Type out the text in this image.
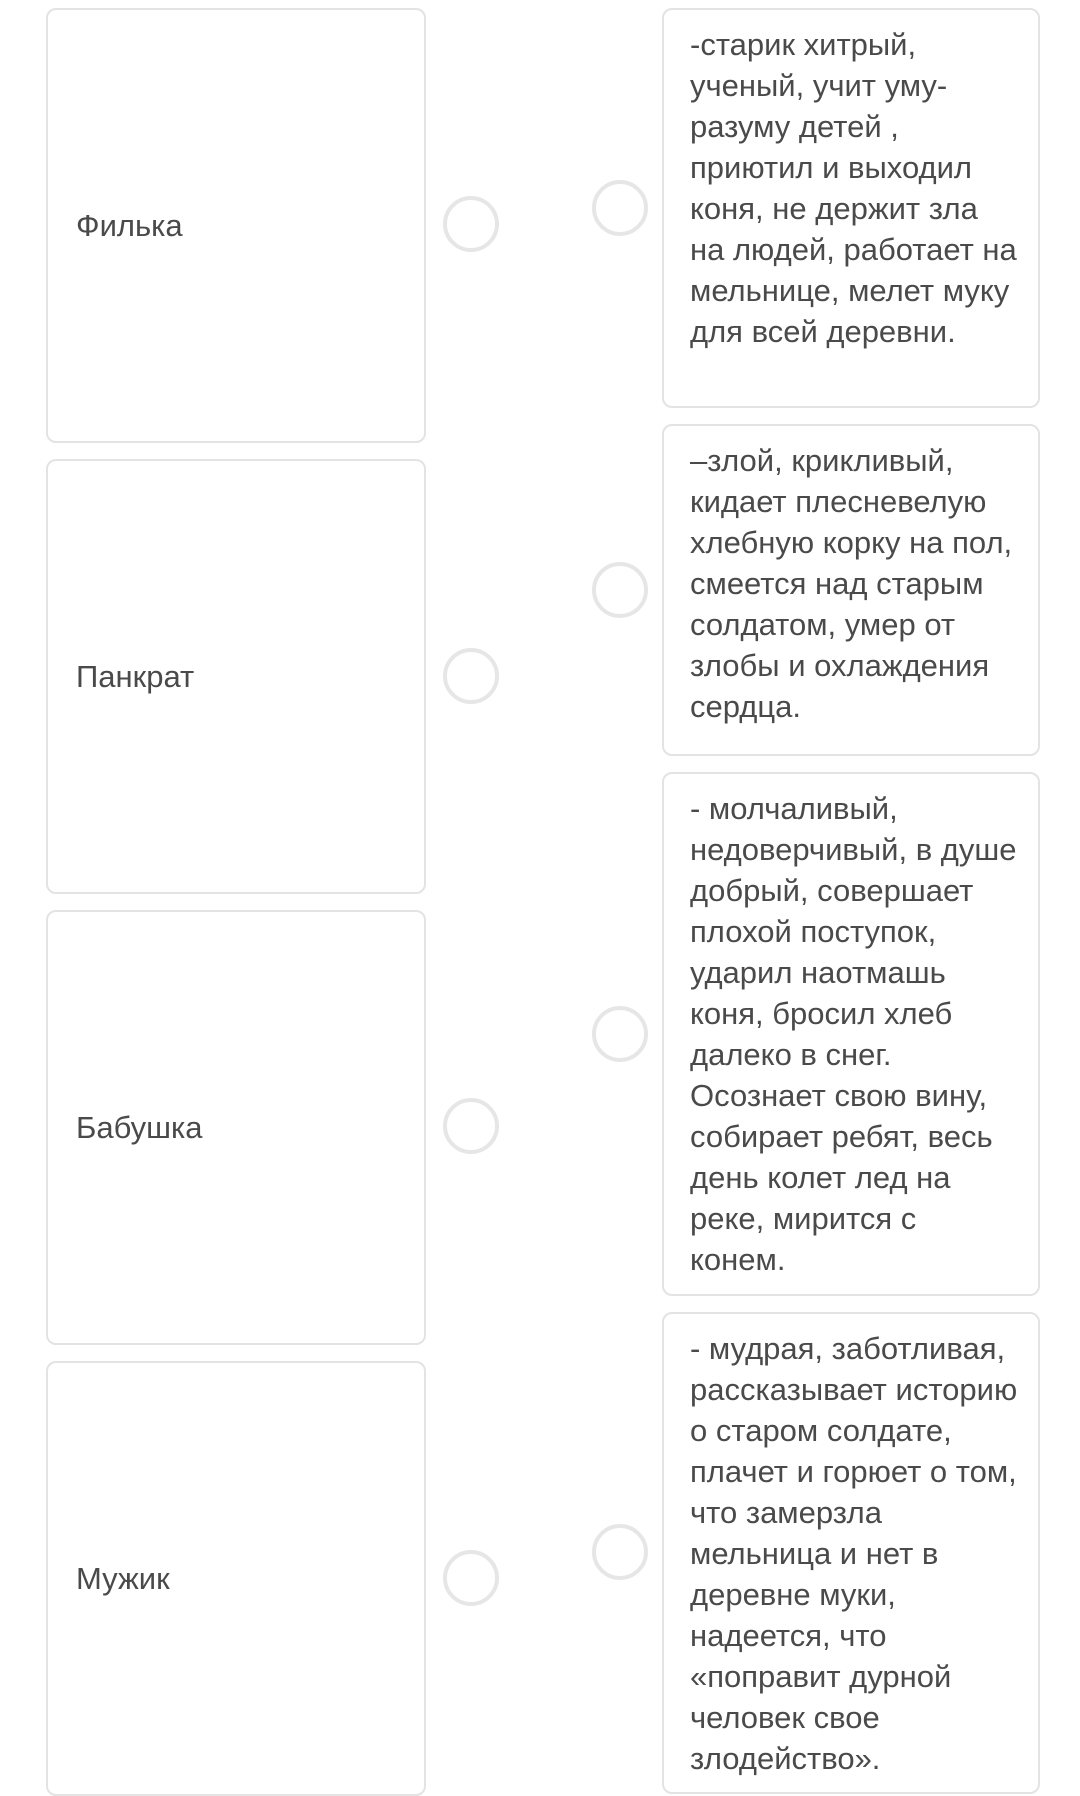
Филька
Панкрат
Бабушка
Мужик

-старик хитрый, ученый, учит уму-разуму детей , приютил и выходил коня, не держит зла на людей, работает на мельнице, мелет муку для всей деревни.

–злой, крикливый, кидает плесневелую хлебную корку на пол, смеется над старым солдатом, умер от злобы и охлаждения сердца.

- молчаливый, недоверчивый, в душе добрый, совершает плохой поступок, ударил наотмашь коня, бросил хлеб далеко в снег. Осознает свою вину, собирает ребят, весь день колет лед на реке, мирится с конем.

- мудрая, заботливая, рассказывает историю о старом солдате, плачет и горюет о том, что замерзла мельница и нет в деревне муки, надеется, что «поправит дурной человек свое злодейство».
